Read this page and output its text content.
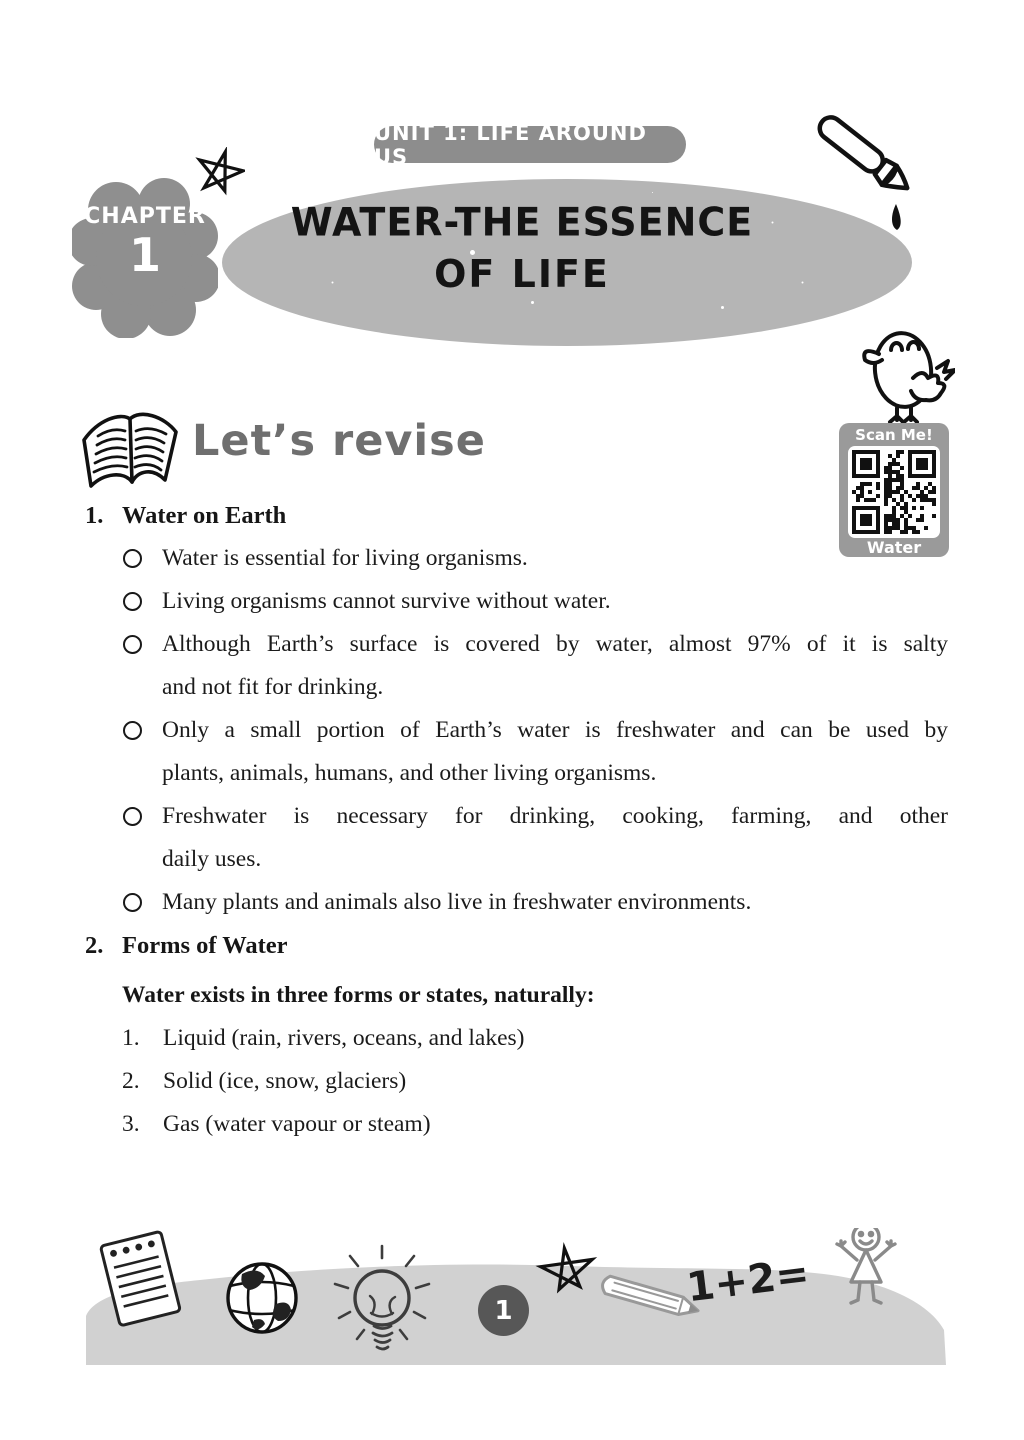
UNIT 1: LIFE AROUND US
CHAPTER
1
WATER-THE ESSENCE
OF LIFE
Let’s revise	Scan Me!
Water
1. Water on Earth
Water is essential for living organisms.
Living organisms cannot survive without water.
Although Earth’s surface is covered by water, almost 97% of it is salty
and not fit for drinking.
Only a small portion of Earth’s water is freshwater and can be used by
plants, animals, humans, and other living organisms.
Freshwater is necessary for drinking, cooking, farming, and other
daily uses.
Many plants and animals also live in freshwater environments.
2. Forms of Water
Water exists in three forms or states, naturally:
1. Liquid (rain, rivers, oceans, and lakes)
2. Solid (ice, snow, glaciers)
3. Gas (water vapour or steam)
1+2=
1
